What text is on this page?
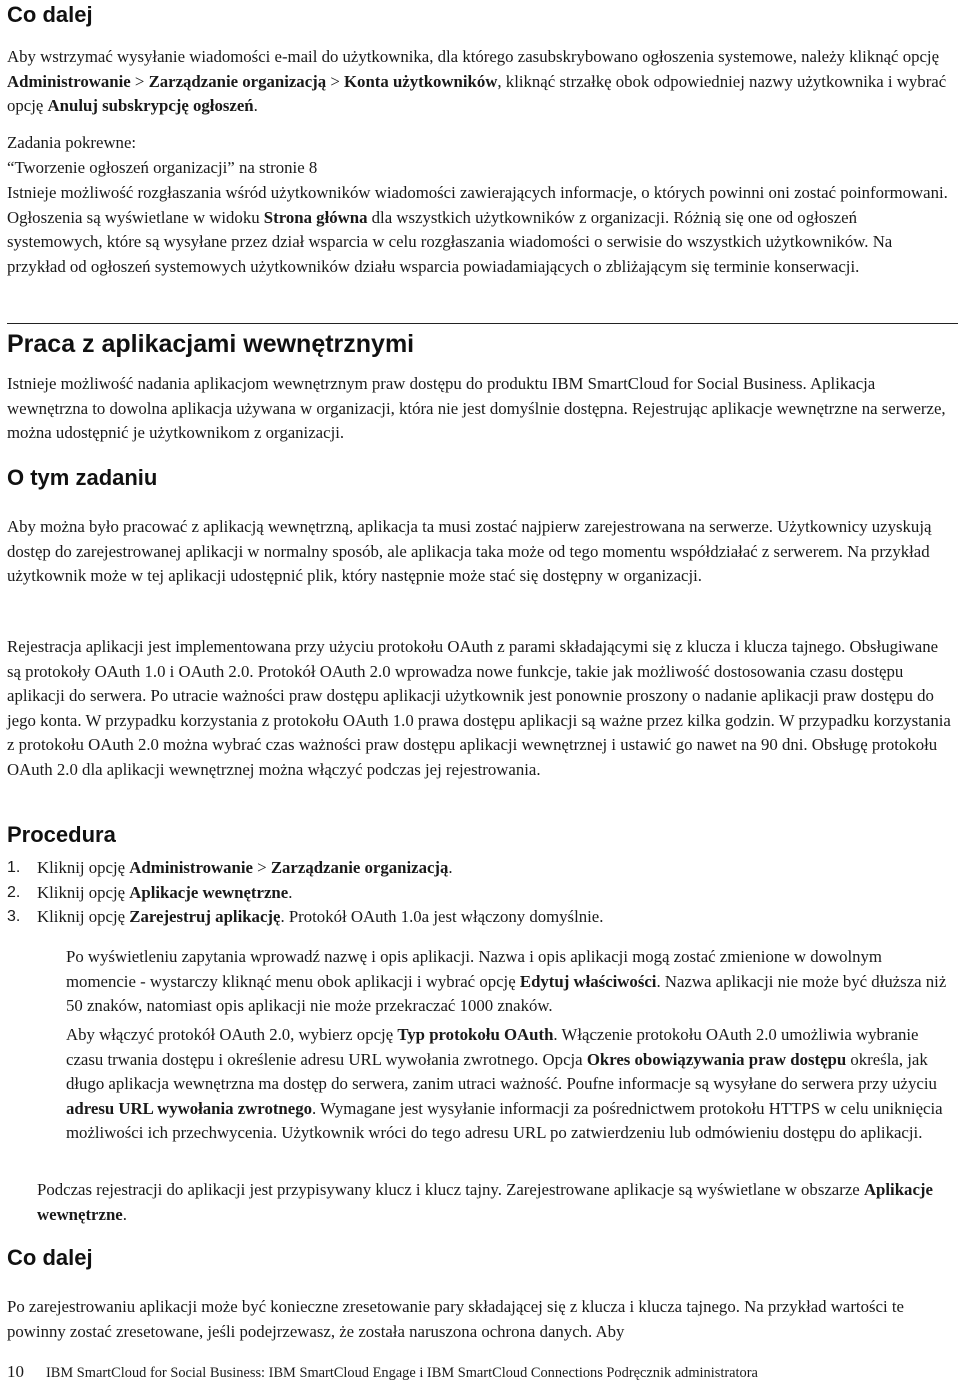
Co dalej

Aby wstrzymać wysyłanie wiadomości e-mail do użytkownika, dla którego zasubskrybowano ogłoszenia systemowe, należy kliknąć opcję Administrowanie > Zarządzanie organizacją > Konta użytkowników, kliknąć strzałkę obok odpowiedniej nazwy użytkownika i wybrać opcję Anuluj subskrypcję ogłoszeń.

Zadania pokrewne:

“Tworzenie ogłoszeń organizacji” na stronie 8

Istnieje możliwość rozgłaszania wśród użytkowników wiadomości zawierających informacje, o których powinni oni zostać poinformowani. Ogłoszenia są wyświetlane w widoku Strona główna dla wszystkich użytkowników z organizacji. Różnią się one od ogłoszeń systemowych, które są wysyłane przez dział wsparcia w celu rozgłaszania wiadomości o serwisie do wszystkich użytkowników. Na przykład od ogłoszeń systemowych użytkowników działu wsparcia powiadamiających o zbliżającym się terminie konserwacji.

Praca z aplikacjami wewnętrznymi

Istnieje możliwość nadania aplikacjom wewnętrznym praw dostępu do produktu IBM SmartCloud for Social Business. Aplikacja wewnętrzna to dowolna aplikacja używana w organizacji, która nie jest domyślnie dostępna. Rejestrując aplikacje wewnętrzne na serwerze, można udostępnić je użytkownikom z organizacji.

O tym zadaniu

Aby można było pracować z aplikacją wewnętrzną, aplikacja ta musi zostać najpierw zarejestrowana na serwerze. Użytkownicy uzyskują dostęp do zarejestrowanej aplikacji w normalny sposób, ale aplikacja taka może od tego momentu współdziałać z serwerem. Na przykład użytkownik może w tej aplikacji udostępnić plik, który następnie może stać się dostępny w organizacji.

Rejestracja aplikacji jest implementowana przy użyciu protokołu OAuth z parami składającymi się z klucza i klucza tajnego. Obsługiwane są protokoły OAuth 1.0 i OAuth 2.0. Protokół OAuth 2.0 wprowadza nowe funkcje, takie jak możliwość dostosowania czasu dostępu aplikacji do serwera. Po utracie ważności praw dostępu aplikacji użytkownik jest ponownie proszony o nadanie aplikacji praw dostępu do jego konta. W przypadku korzystania z protokołu OAuth 1.0 prawa dostępu aplikacji są ważne przez kilka godzin. W przypadku korzystania z protokołu OAuth 2.0 można wybrać czas ważności praw dostępu aplikacji wewnętrznej i ustawić go nawet na 90 dni. Obsługę protokołu OAuth 2.0 dla aplikacji wewnętrznej można włączyć podczas jej rejestrowania.

Procedura
1. Kliknij opcję Administrowanie > Zarządzanie organizacją.
2. Kliknij opcję Aplikacje wewnętrzne.
3. Kliknij opcję Zarejestruj aplikację. Protokół OAuth 1.0a jest włączony domyślnie.

Po wyświetleniu zapytania wprowadź nazwę i opis aplikacji. Nazwa i opis aplikacji mogą zostać zmienione w dowolnym momencie - wystarczy kliknąć menu obok aplikacji i wybrać opcję Edytuj właściwości. Nazwa aplikacji nie może być dłuższa niż 50 znaków, natomiast opis aplikacji nie może przekraczać 1000 znaków.

Aby włączyć protokół OAuth 2.0, wybierz opcję Typ protokołu OAuth. Włączenie protokołu OAuth 2.0 umożliwia wybranie czasu trwania dostępu i określenie adresu URL wywołania zwrotnego. Opcja Okres obowiązywania praw dostępu określa, jak długo aplikacja wewnętrzna ma dostęp do serwera, zanim utraci ważność. Poufne informacje są wysyłane do serwera przy użyciu adresu URL wywołania zwrotnego. Wymagane jest wysyłanie informacji za pośrednictwem protokołu HTTPS w celu uniknięcia możliwości ich przechwycenia. Użytkownik wróci do tego adresu URL po zatwierdzeniu lub odmówieniu dostępu do aplikacji.

Podczas rejestracji do aplikacji jest przypisywany klucz i klucz tajny. Zarejestrowane aplikacje są wyświetlane w obszarze Aplikacje wewnętrzne.

Co dalej

Po zarejestrowaniu aplikacji może być konieczne zresetowanie pary składającej się z klucza i klucza tajnego. Na przykład wartości te powinny zostać zresetowane, jeśli podejrzewasz, że została naruszona ochrona danych. Aby

10 IBM SmartCloud for Social Business: IBM SmartCloud Engage i IBM SmartCloud Connections Podręcznik administratora
